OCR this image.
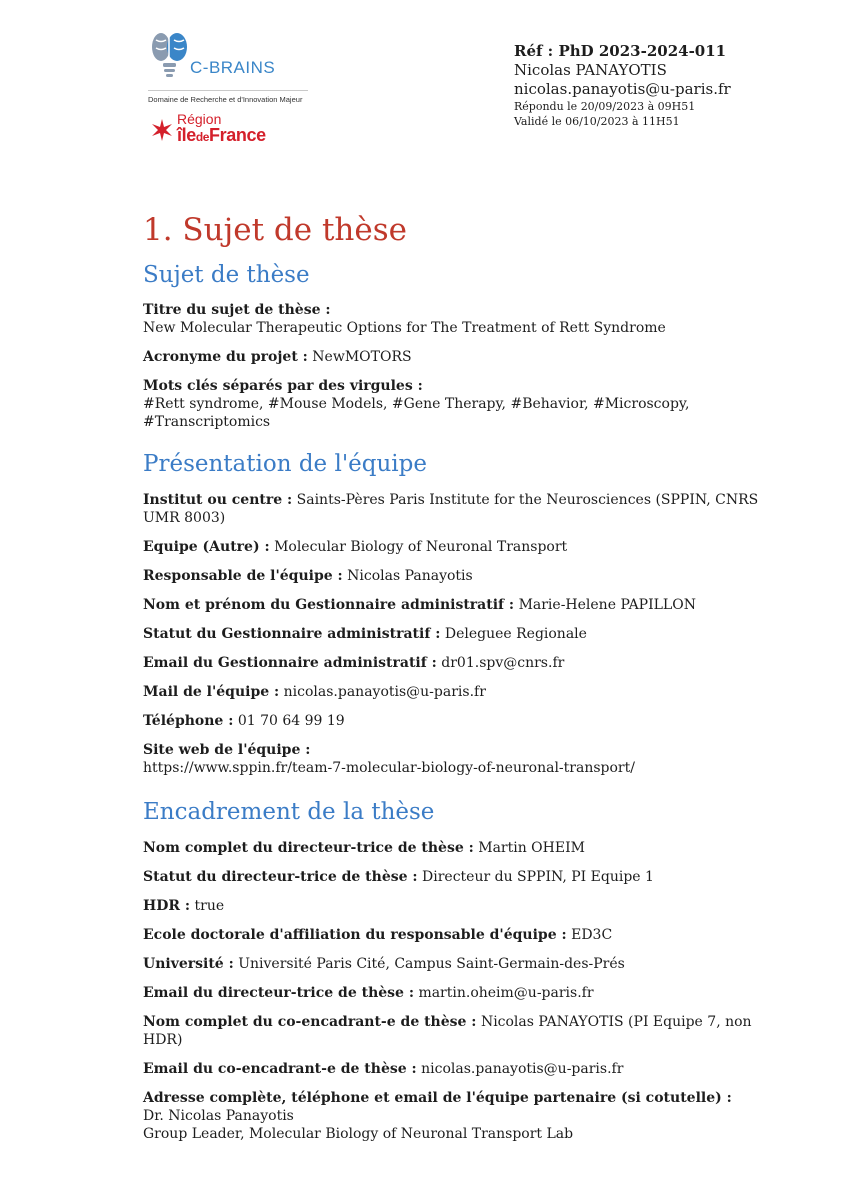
C-BRAINS
Domaine de Recherche et d'Innovation Majeur
Région
îledeFrance
Réf : PhD 2023-2024-011
Nicolas PANAYOTIS
nicolas.panayotis@u-paris.fr
Répondu le 20/09/2023 à 09H51
Validé le 06/10/2023 à 11H51
1. Sujet de thèse
Sujet de thèse

Titre du sujet de thèse :
New Molecular Therapeutic Options for The Treatment of Rett Syndrome

Acronyme du projet : NewMOTORS

Mots clés séparés par des virgules :
#Rett syndrome, #Mouse Models, #Gene Therapy, #Behavior, #Microscopy,
#Transcriptomics

Présentation de l'équipe

Institut ou centre : Saints-Pères Paris Institute for the Neurosciences (SPPIN, CNRS
UMR 8003)

Equipe (Autre) : Molecular Biology of Neuronal Transport

Responsable de l'équipe : Nicolas Panayotis

Nom et prénom du Gestionnaire administratif : Marie-Helene PAPILLON

Statut du Gestionnaire administratif : Deleguee Regionale

Email du Gestionnaire administratif : dr01.spv@cnrs.fr

Mail de l'équipe : nicolas.panayotis@u-paris.fr

Téléphone : 01 70 64 99 19

Site web de l'équipe :
https://www.sppin.fr/team-7-molecular-biology-of-neuronal-transport/

Encadrement de la thèse

Nom complet du directeur-trice de thèse : Martin OHEIM

Statut du directeur-trice de thèse : Directeur du SPPIN, PI Equipe 1

HDR : true

Ecole doctorale d'affiliation du responsable d'équipe : ED3C

Université : Université Paris Cité, Campus Saint-Germain-des-Prés

Email du directeur-trice de thèse : martin.oheim@u-paris.fr

Nom complet du co-encadrant-e de thèse : Nicolas PANAYOTIS (PI Equipe 7, non
HDR)

Email du co-encadrant-e de thèse : nicolas.panayotis@u-paris.fr

Adresse complète, téléphone et email de l'équipe partenaire (si cotutelle) :
Dr. Nicolas Panayotis
Group Leader, Molecular Biology of Neuronal Transport Lab
